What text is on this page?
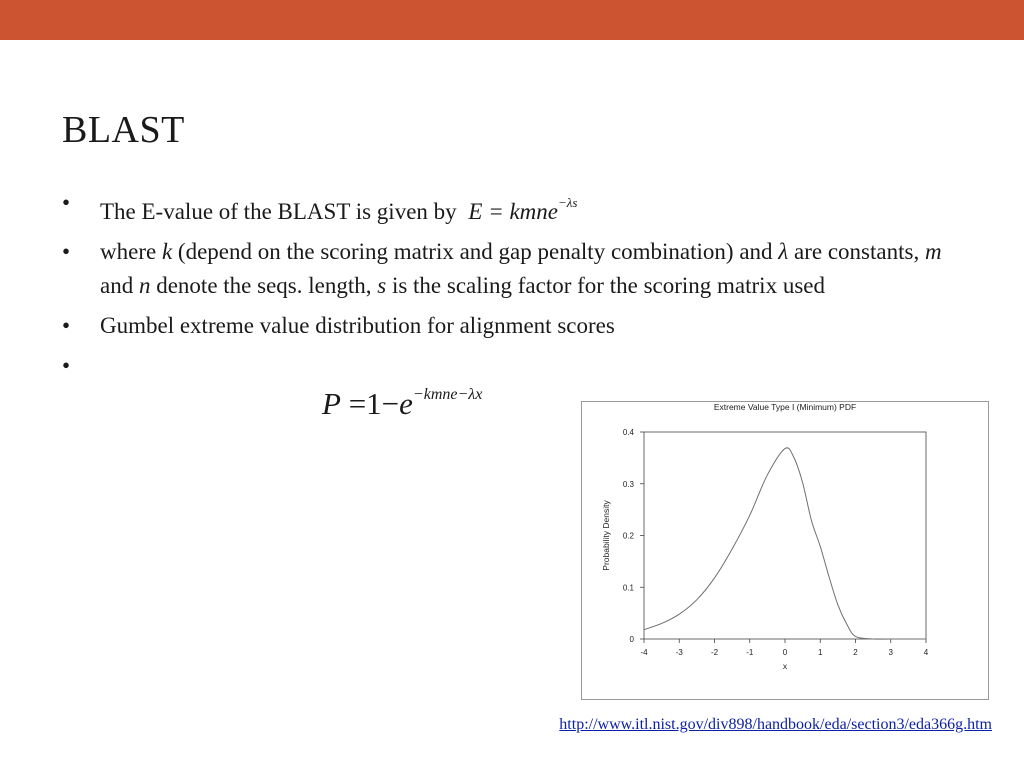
BLAST
• The E-value of the BLAST is given by E = kmne$^{-\lambda s}$
• where k (depend on the scoring matrix and gap penalty combination) and λ are constants, m and n denote the seqs. length, s is the scaling factor for the scoring matrix used
• Gumbel extreme value distribution for alignment scores
•
$P =1-e^{-kmne-\lambda x}$
Extreme Value Type I (Minimum) PDF
-4	-3	-2	-1	0	1	2	3	4
0
0.1
0.2
0.3
0.4
x
Probability Density
http://www.itl.nist.gov/div898/handbook/eda/section3/eda366g.htm
